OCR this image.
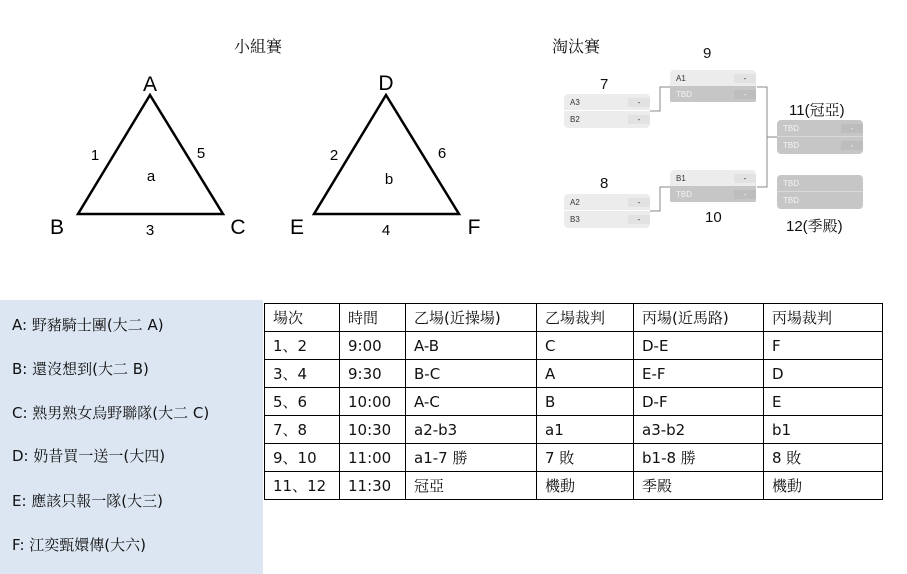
小組賽
A
B	C
1	5
3
a
D
E	F
2	6
4
b
淘汰賽
7
A3	-
B2	-
8
A2	-
B3	-
9
A1	-
TBD	-
B1	-
TBD	-
10
11(冠亞)
TBD	-
TBD	-
TBD
TBD
12(季殿)
A: 野豬騎士團(大二 A)
B: 還沒想到(大二 B)
C: 熟男熟女烏野聯隊(大二 C)
D: 奶昔買一送一(大四)
E: 應該只報一隊(大三)
F: 江奕甄嬛傳(大六)
場次	時間	乙場(近操場)	乙場裁判	丙場(近馬路)	丙場裁判
1、2	9:00	A-B	C	D-E	F
3、4	9:30	B-C	A	E-F	D
5、6	10:00	A-C	B	D-F	E
7、8	10:30	a2-b3	a1	a3-b2	b1
9、10	11:00	a1-7 勝	7 敗	b1-8 勝	8 敗
11、12	11:30	冠亞	機動	季殿	機動
